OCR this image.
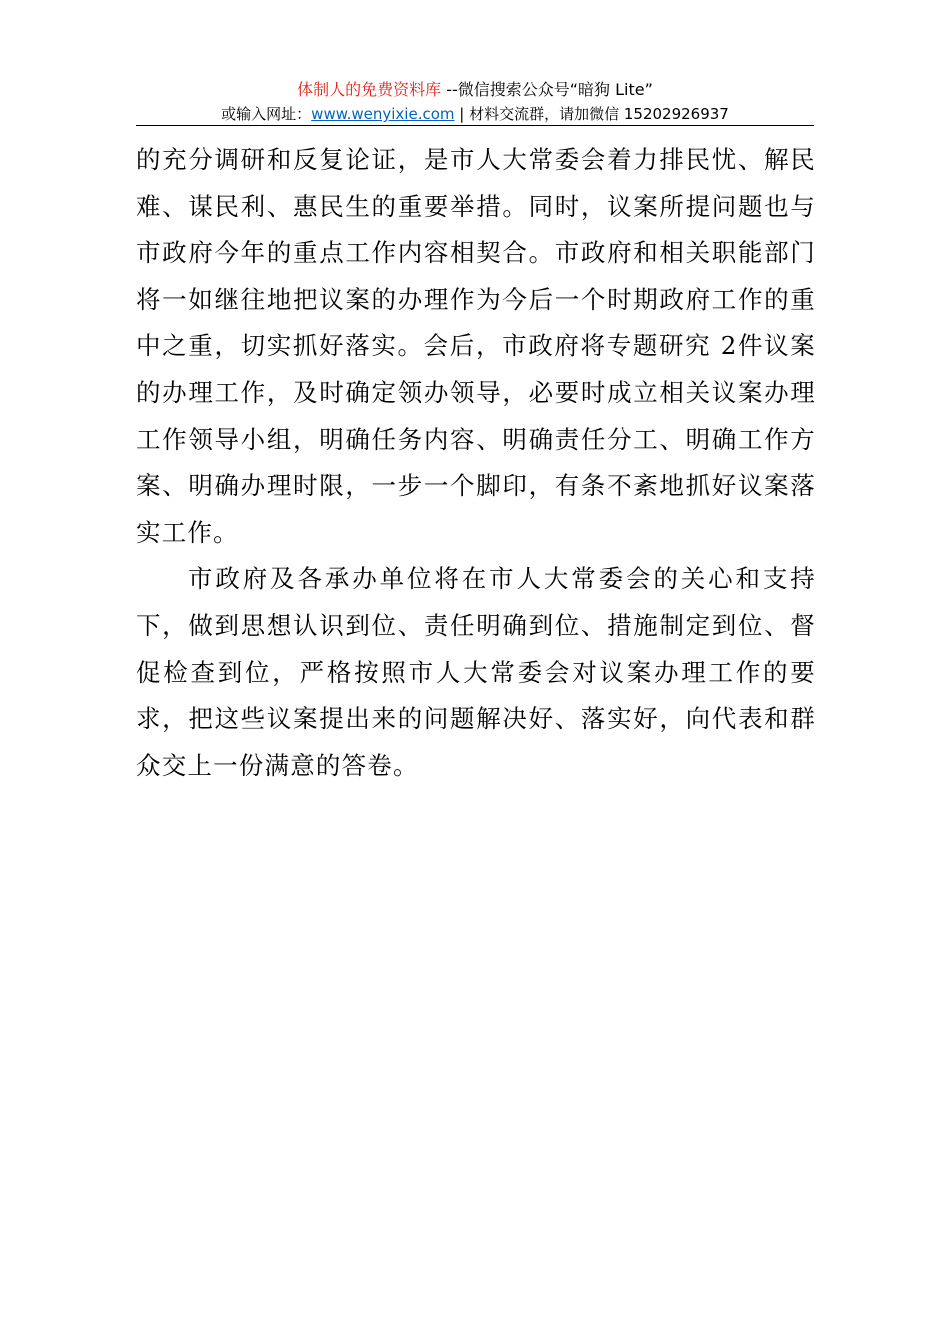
体制人的免费资料库 --微信搜索公众号“暗狗 Lite”
或输入网址：www.wenyixie.com | 材料交流群，请加微信 15202926937

的充分调研和反复论证，是市人大常委会着力排民忧、解民难、谋民利、惠民生的重要举措。同时，议案所提问题也与市政府今年的重点工作内容相契合。市政府和相关职能部门将一如继往地把议案的办理作为今后一个时期政府工作的重中之重，切实抓好落实。会后，市政府将专题研究 2件议案的办理工作，及时确定领办领导，必要时成立相关议案办理工作领导小组，明确任务内容、明确责任分工、明确工作方案、明确办理时限，一步一个脚印，有条不紊地抓好议案落实工作。

市政府及各承办单位将在市人大常委会的关心和支持下，做到思想认识到位、责任明确到位、措施制定到位、督促检查到位，严格按照市人大常委会对议案办理工作的要求，把这些议案提出来的问题解决好、落实好，向代表和群众交上一份满意的答卷。
